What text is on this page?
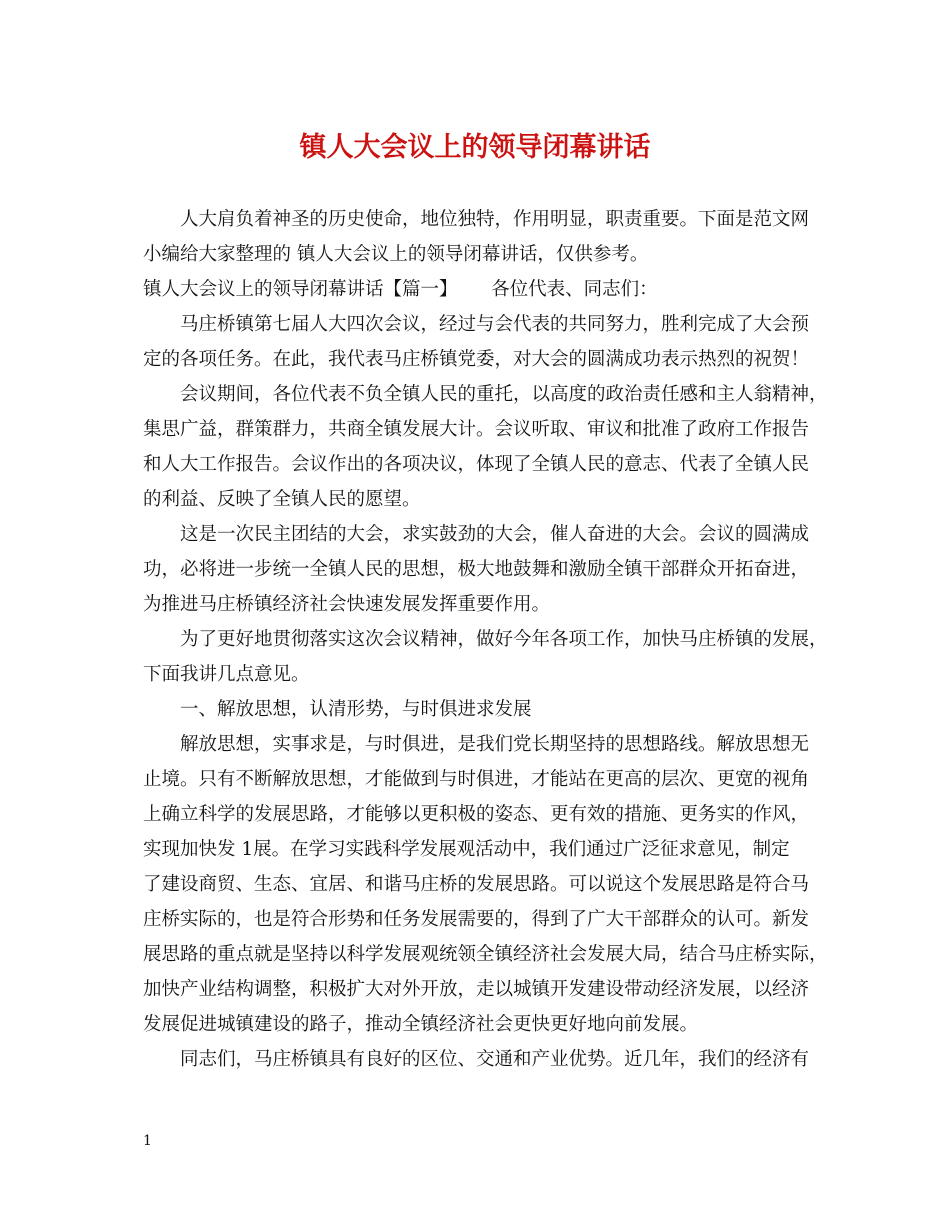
镇人大会议上的领导闭幕讲话
　　人大肩负着神圣的历史使命，地位独特，作用明显，职责重要。下面是范文网
小编给大家整理的 镇人大会议上的领导闭幕讲话，仅供参考。
镇人大会议上的领导闭幕讲话【篇一】　　 各位代表、同志们：
　　马庄桥镇第七届人大四次会议，经过与会代表的共同努力，胜利完成了大会预
定的各项任务。在此，我代表马庄桥镇党委，对大会的圆满成功表示热烈的祝贺！
　　会议期间，各位代表不负全镇人民的重托，以高度的政治责任感和主人翁精神，
集思广益，群策群力，共商全镇发展大计。会议听取、审议和批准了政府工作报告
和人大工作报告。会议作出的各项决议，体现了全镇人民的意志、代表了全镇人民
的利益、反映了全镇人民的愿望。
　　这是一次民主团结的大会，求实鼓劲的大会，催人奋进的大会。会议的圆满成
功，必将进一步统一全镇人民的思想，极大地鼓舞和激励全镇干部群众开拓奋进，
为推进马庄桥镇经济社会快速发展发挥重要作用。
　　为了更好地贯彻落实这次会议精神，做好今年各项工作，加快马庄桥镇的发展，
下面我讲几点意见。
　　一、解放思想，认清形势，与时俱进求发展
　　解放思想，实事求是，与时俱进，是我们党长期坚持的思想路线。解放思想无
止境。只有不断解放思想，才能做到与时俱进，才能站在更高的层次、更宽的视角
上确立科学的发展思路，才能够以更积极的姿态、更有效的措施、更务实的作风，
实现加快发 1展。在学习实践科学发展观活动中，我们通过广泛征求意见，制定
了建设商贸、生态、宜居、和谐马庄桥的发展思路。可以说这个发展思路是符合马
庄桥实际的，也是符合形势和任务发展需要的，得到了广大干部群众的认可。新发
展思路的重点就是坚持以科学发展观统领全镇经济社会发展大局，结合马庄桥实际，
加快产业结构调整，积极扩大对外开放，走以城镇开发建设带动经济发展，以经济
发展促进城镇建设的路子，推动全镇经济社会更快更好地向前发展。
　　同志们，马庄桥镇具有良好的区位、交通和产业优势。近几年，我们的经济有
1
